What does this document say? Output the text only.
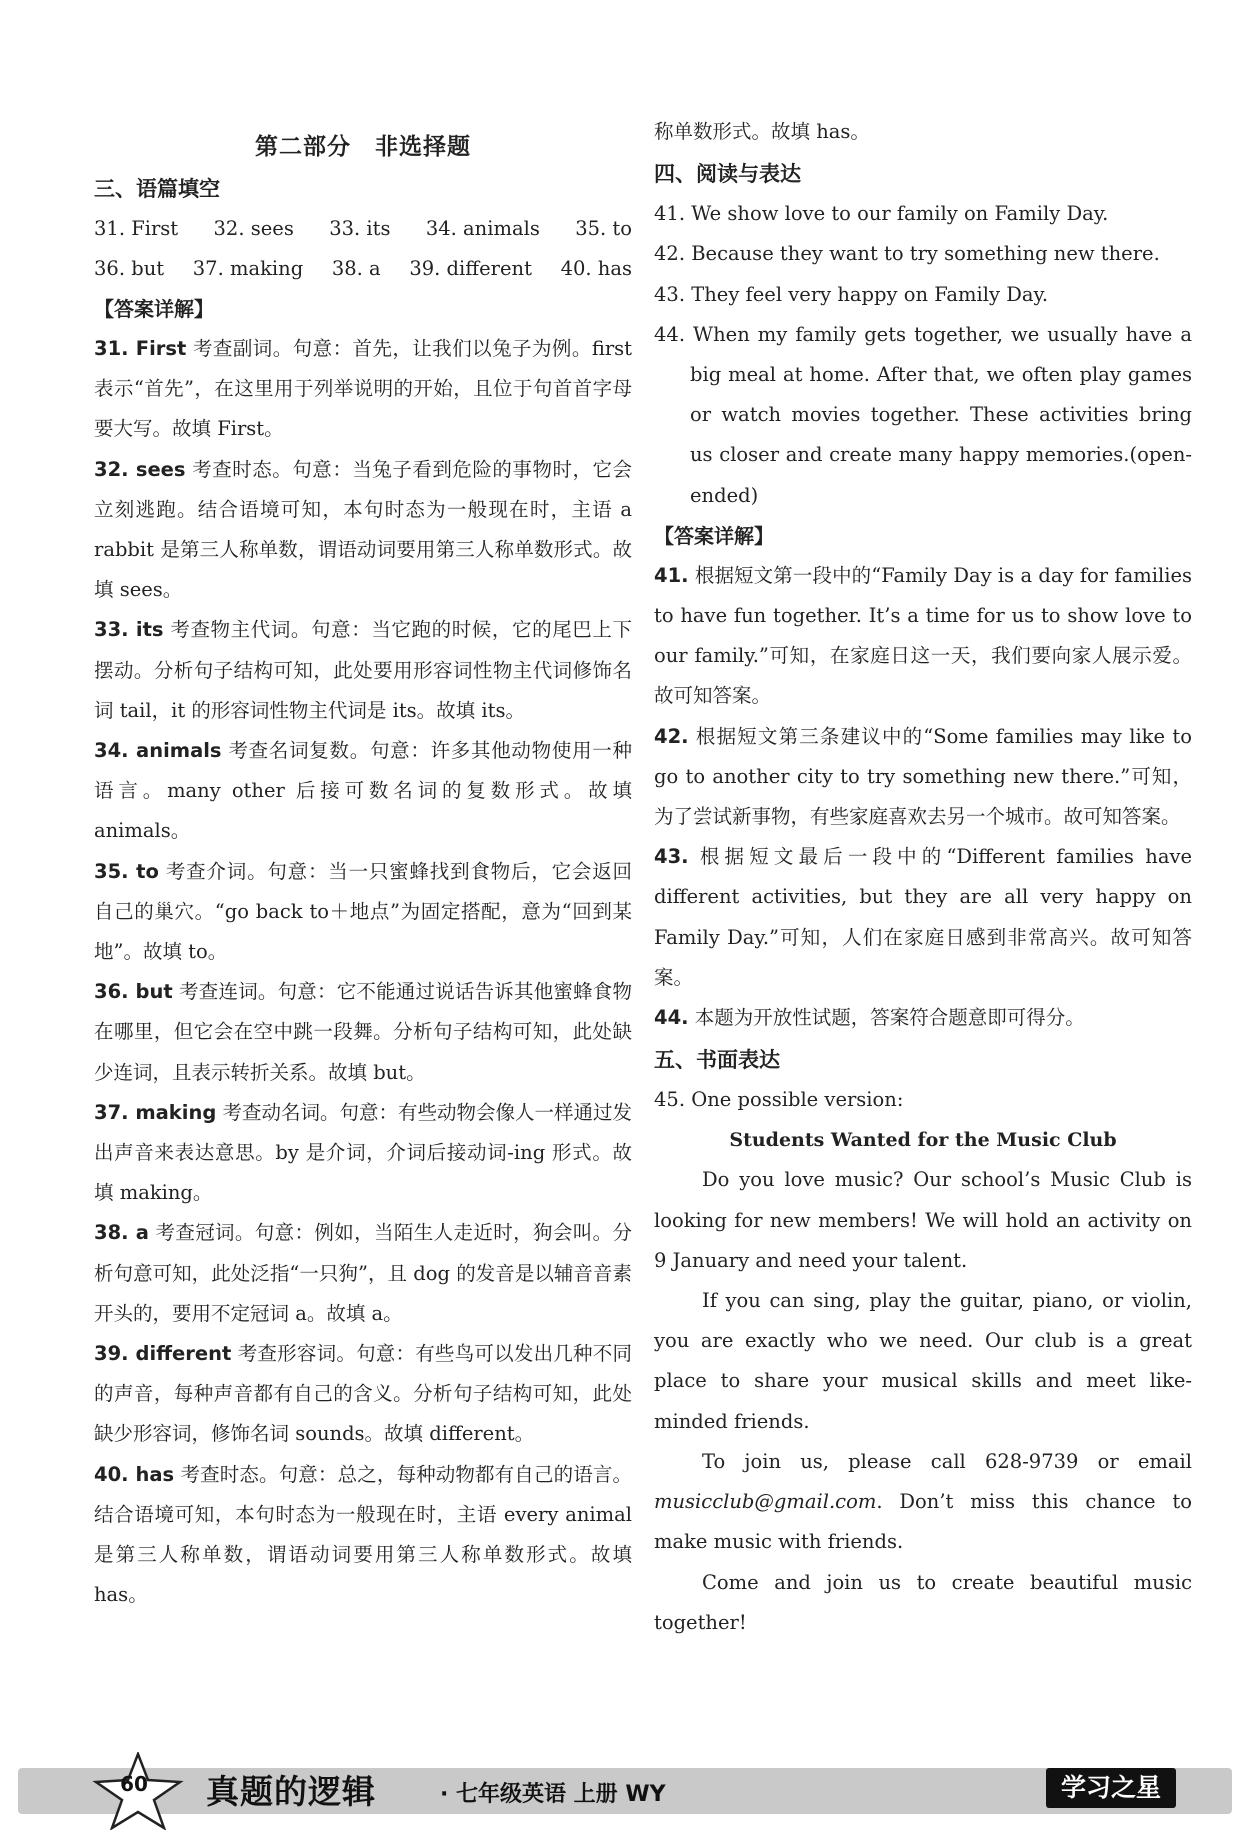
第二部分　非选择题
三、语篇填空
31. First 32. sees 33. its 34. animals 35. to
36. but 37. making 38. a 39. different 40. has
【答案详解】

31. First 考查副词。句意：首先，让我们以兔子为例。first 表示“首先”，在这里用于列举说明的开始，且位于句首首字母要大写。故填 First。

32. sees 考查时态。句意：当兔子看到危险的事物时，它会立刻逃跑。结合语境可知，本句时态为一般现在时，主语 a rabbit 是第三人称单数，谓语动词要用第三人称单数形式。故填 sees。

33. its 考查物主代词。句意：当它跑的时候，它的尾巴上下摆动。分析句子结构可知，此处要用形容词性物主代词修饰名词 tail，it 的形容词性物主代词是 its。故填 its。

34. animals 考查名词复数。句意：许多其他动物使用一种语言。many other 后接可数名词的复数形式。故填 animals。

35. to 考查介词。句意：当一只蜜蜂找到食物后，它会返回自己的巢穴。“go back to＋地点”为固定搭配，意为“回到某地”。故填 to。

36. but 考查连词。句意：它不能通过说话告诉其他蜜蜂食物在哪里，但它会在空中跳一段舞。分析句子结构可知，此处缺少连词，且表示转折关系。故填 but。

37. making 考查动名词。句意：有些动物会像人一样通过发出声音来表达意思。by 是介词，介词后接动词-ing 形式。故填 making。

38. a 考查冠词。句意：例如，当陌生人走近时，狗会叫。分析句意可知，此处泛指“一只狗”，且 dog 的发音是以辅音音素开头的，要用不定冠词 a。故填 a。

39. different 考查形容词。句意：有些鸟可以发出几种不同的声音，每种声音都有自己的含义。分析句子结构可知，此处缺少形容词，修饰名词 sounds。故填 different。

40. has 考查时态。句意：总之，每种动物都有自己的语言。结合语境可知，本句时态为一般现在时，主语 every animal 是第三人称单数，谓语动词要用第三人称单数形式。故填 has。

称单数形式。故填 has。

四、阅读与表达

41. We show love to our family on Family Day.

42. Because they want to try something new there.

43. They feel very happy on Family Day.

44. When my family gets together, we usually have a big meal at home. After that, we often play games or watch movies together. These activities bring us closer and create many happy memories.(open-ended)

【答案详解】

41. 根据短文第一段中的“Family Day is a day for families to have fun together. It’s a time for us to show love to our family.”可知，在家庭日这一天，我们要向家人展示爱。故可知答案。

42. 根据短文第三条建议中的“Some families may like to go to another city to try something new there.”可知，为了尝试新事物，有些家庭喜欢去另一个城市。故可知答案。

43. 根据短文最后一段中的“Different families have different activities, but they are all very happy on Family Day.”可知，人们在家庭日感到非常高兴。故可知答案。

44. 本题为开放性试题，答案符合题意即可得分。

五、书面表达

45. One possible version:

Students Wanted for the Music Club

Do you love music? Our school’s Music Club is looking for new members! We will hold an activity on 9 January and need your talent.

If you can sing, play the guitar, piano, or violin, you are exactly who we need. Our club is a great place to share your musical skills and meet like-minded friends.

To join us, please call 628-9739 or email musicclub@gmail.com. Don’t miss this chance to make music with friends.

Come and join us to create beautiful music together!

60	真题的逻辑	· 七年级英语 上册 WY	学习之星
